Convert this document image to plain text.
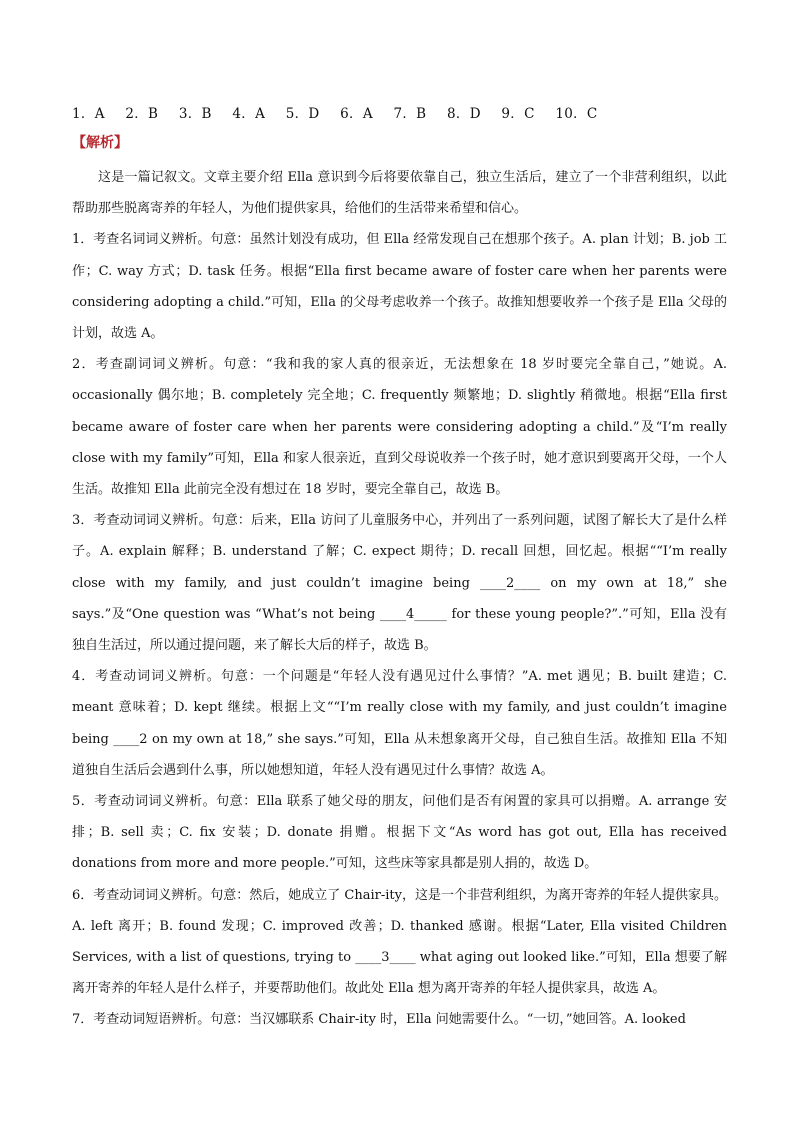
1．A 2．B 3．B 4．A 5．D 6．A 7．B 8．D 9．C 10．C
【解析】

这是一篇记叙文。文章主要介绍 Ella 意识到今后将要依靠自己，独立生活后，建立了一个非营利组织，以此帮助那些脱离寄养的年轻人，为他们提供家具，给他们的生活带来希望和信心。

1．考查名词词义辨析。句意：虽然计划没有成功，但 Ella 经常发现自己在想那个孩子。A. plan 计划；B. job 工作；C. way 方式；D. task 任务。根据“Ella first became aware of foster care when her parents were considering adopting a child.”可知，Ella 的父母考虑收养一个孩子。故推知想要收养一个孩子是 Ella 父母的计划，故选 A。

2．考查副词词义辨析。句意：“我和我的家人真的很亲近，无法想象在 18 岁时要完全靠自己，”她说。A. occasionally 偶尔地；B. completely 完全地；C. frequently 频繁地；D. slightly 稍微地。根据“Ella first became aware of foster care when her parents were considering adopting a child.”及“I’m really close with my family”可知，Ella 和家人很亲近，直到父母说收养一个孩子时，她才意识到要离开父母，一个人生活。故推知 Ella 此前完全没有想过在 18 岁时，要完全靠自己，故选 B。

3．考查动词词义辨析。句意：后来，Ella 访问了儿童服务中心，并列出了一系列问题，试图了解长大了是什么样子。A. explain 解释；B. understand 了解；C. expect 期待；D. recall 回想，回忆起。根据““I’m really close with my family, and just couldn’t imagine being ____2____ on my own at 18,” she says.”及“One question was “What’s not being ____4_____ for these young people?”.”可知，Ella 没有独自生活过，所以通过提问题，来了解长大后的样子，故选 B。

4．考查动词词义辨析。句意：一个问题是“年轻人没有遇见过什么事情？”A. met 遇见；B. built 建造；C. meant 意味着；D. kept 继续。根据上文““I’m really close with my family, and just couldn’t imagine being ____2 on my own at 18,” she says.”可知，Ella 从未想象离开父母，自己独自生活。故推知 Ella 不知道独自生活后会遇到什么事，所以她想知道，年轻人没有遇见过什么事情？故选 A。

5．考查动词词义辨析。句意：Ella 联系了她父母的朋友，问他们是否有闲置的家具可以捐赠。A. arrange 安排；B. sell 卖；C. fix 安装；D. donate 捐赠。根据下文“As word has got out, Ella has received donations from more and more people.”可知，这些床等家具都是别人捐的，故选 D。

6．考查动词词义辨析。句意：然后，她成立了 Chair-ity，这是一个非营利组织，为离开寄养的年轻人提供家具。A. left 离开；B. found 发现；C. improved 改善；D. thanked 感谢。根据“Later, Ella visited Children Services, with a list of questions, trying to ____3____ what aging out looked like.”可知，Ella 想要了解离开寄养的年轻人是什么样子，并要帮助他们。故此处 Ella 想为离开寄养的年轻人提供家具，故选 A。

7．考查动词短语辨析。句意：当汉娜联系 Chair-ity 时，Ella 问她需要什么。“一切，”她回答。A. looked
